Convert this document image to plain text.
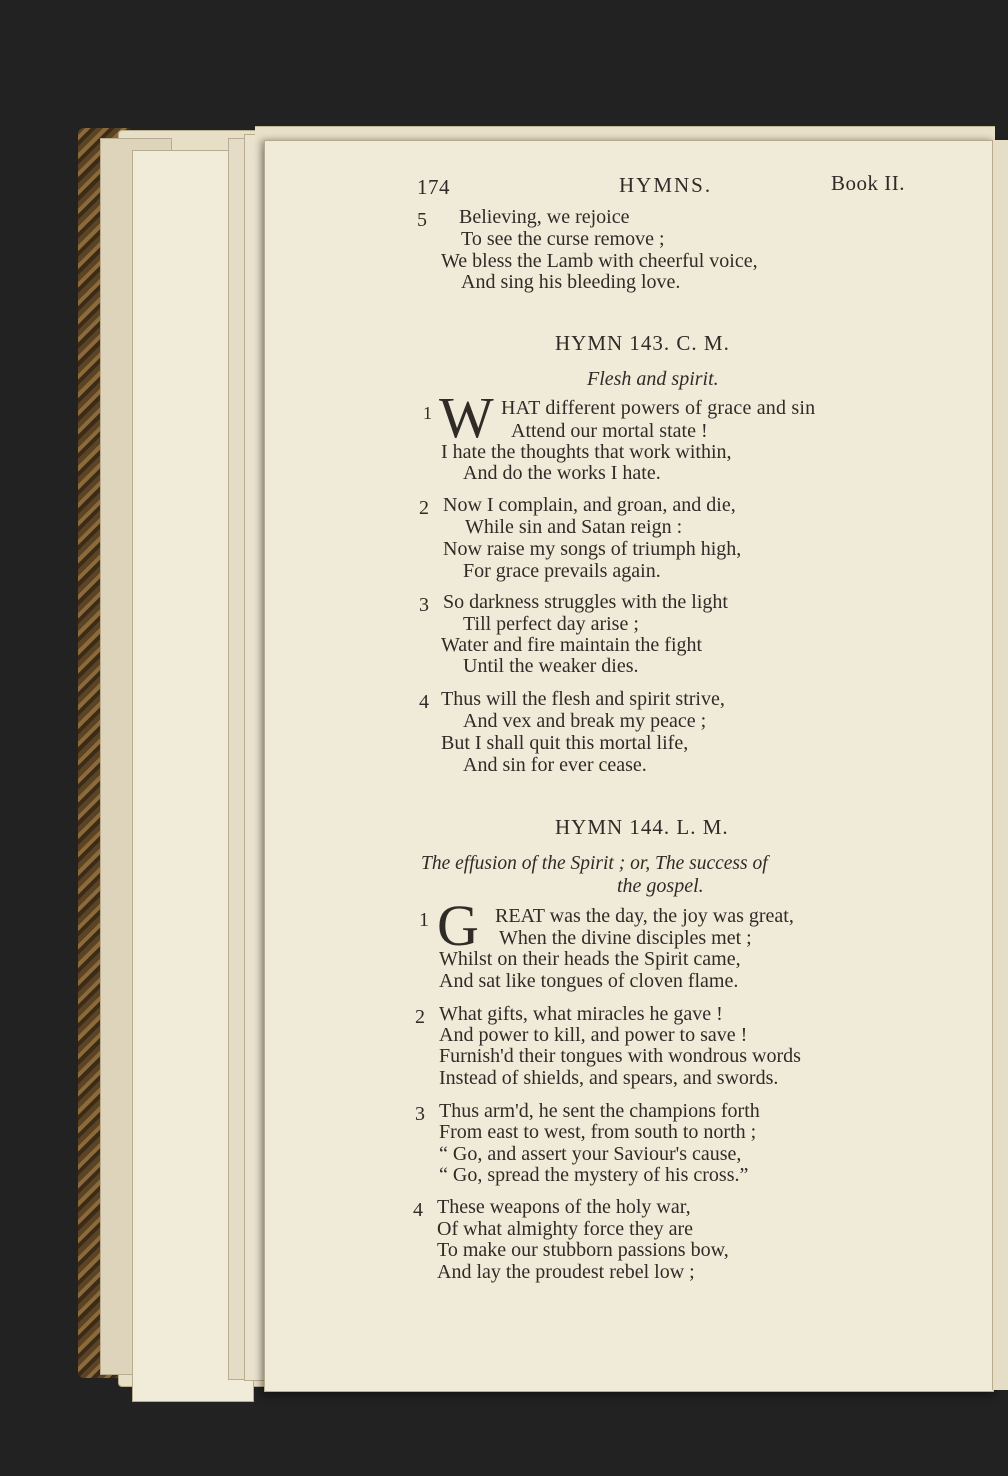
174	HYMNS.	Book II.
5 Believing, we rejoice
To see the curse remove ;
We bless the Lamb with cheerful voice,
And sing his bleeding love.
HYMN 143. C. M.
Flesh and spirit.
1 W HAT different powers of grace and sin
Attend our mortal state !
I hate the thoughts that work within,
And do the works I hate.
2 Now I complain, and groan, and die,
While sin and Satan reign :
Now raise my songs of triumph high,
For grace prevails again.
3 So darkness struggles with the light
Till perfect day arise ;
Water and fire maintain the fight
Until the weaker dies.
4 Thus will the flesh and spirit strive,
And vex and break my peace ;
But I shall quit this mortal life,
And sin for ever cease.
HYMN 144. L. M.
The effusion of the Spirit ; or, The success of
the gospel.
1 G REAT was the day, the joy was great,
When the divine disciples met ;
Whilst on their heads the Spirit came,
And sat like tongues of cloven flame.
2 What gifts, what miracles he gave !
And power to kill, and power to save !
Furnish'd their tongues with wondrous words
Instead of shields, and spears, and swords.
3 Thus arm'd, he sent the champions forth
From east to west, from south to north ;
“ Go, and assert your Saviour's cause,
“ Go, spread the mystery of his cross.”
4 These weapons of the holy war,
Of what almighty force they are
To make our stubborn passions bow,
And lay the proudest rebel low ;
